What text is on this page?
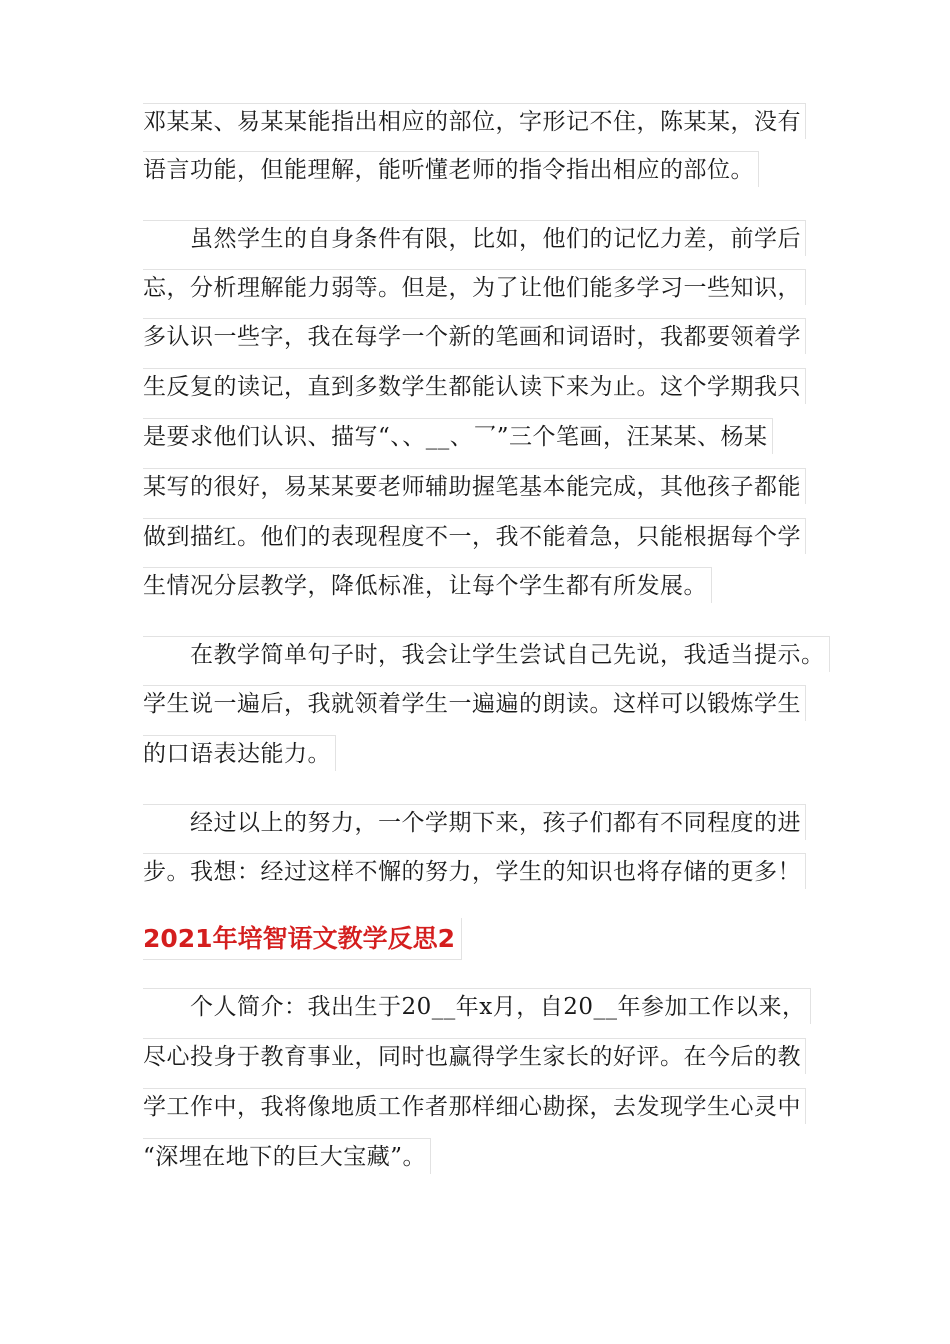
邓某某、易某某能指出相应的部位，字形记不住，陈某某，没有
语言功能，但能理解，能听懂老师的指令指出相应的部位。
　　虽然学生的自身条件有限，比如，他们的记忆力差，前学后
忘，分析理解能力弱等。但是，为了让他们能多学习一些知识，
多认识一些字，我在每学一个新的笔画和词语时，我都要领着学
生反复的读记，直到多数学生都能认读下来为止。这个学期我只
是要求他们认识、描写“、、__、乛”三个笔画，汪某某、杨某
某写的很好，易某某要老师辅助握笔基本能完成，其他孩子都能
做到描红。他们的表现程度不一，我不能着急，只能根据每个学
生情况分层教学，降低标准，让每个学生都有所发展。
　　在教学简单句子时，我会让学生尝试自己先说，我适当提示。
学生说一遍后，我就领着学生一遍遍的朗读。这样可以锻炼学生
的口语表达能力。
　　经过以上的努力，一个学期下来，孩子们都有不同程度的进
步。我想：经过这样不懈的努力，学生的知识也将存储的更多！
2021年培智语文教学反思2
　　个人简介：我出生于20__年x月，自20__年参加工作以来，
尽心投身于教育事业，同时也赢得学生家长的好评。在今后的教
学工作中，我将像地质工作者那样细心勘探，去发现学生心灵中
“深埋在地下的巨大宝藏”。
